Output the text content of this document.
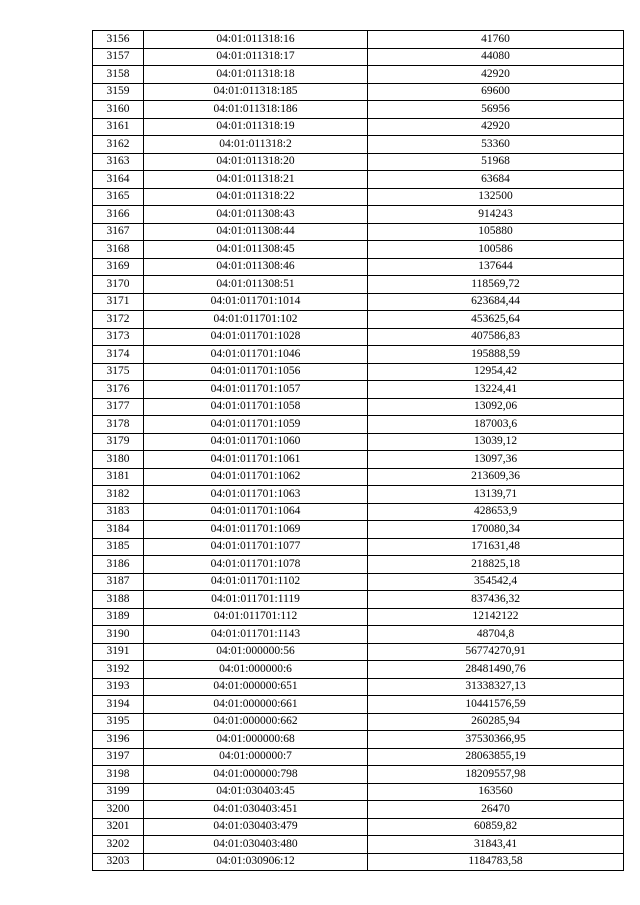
3156	04:01:011318:16	41760
3157	04:01:011318:17	44080
3158	04:01:011318:18	42920
3159	04:01:011318:185	69600
3160	04:01:011318:186	56956
3161	04:01:011318:19	42920
3162	04:01:011318:2	53360
3163	04:01:011318:20	51968
3164	04:01:011318:21	63684
3165	04:01:011318:22	132500
3166	04:01:011308:43	914243
3167	04:01:011308:44	105880
3168	04:01:011308:45	100586
3169	04:01:011308:46	137644
3170	04:01:011308:51	118569,72
3171	04:01:011701:1014	623684,44
3172	04:01:011701:102	453625,64
3173	04:01:011701:1028	407586,83
3174	04:01:011701:1046	195888,59
3175	04:01:011701:1056	12954,42
3176	04:01:011701:1057	13224,41
3177	04:01:011701:1058	13092,06
3178	04:01:011701:1059	187003,6
3179	04:01:011701:1060	13039,12
3180	04:01:011701:1061	13097,36
3181	04:01:011701:1062	213609,36
3182	04:01:011701:1063	13139,71
3183	04:01:011701:1064	428653,9
3184	04:01:011701:1069	170080,34
3185	04:01:011701:1077	171631,48
3186	04:01:011701:1078	218825,18
3187	04:01:011701:1102	354542,4
3188	04:01:011701:1119	837436,32
3189	04:01:011701:112	12142122
3190	04:01:011701:1143	48704,8
3191	04:01:000000:56	56774270,91
3192	04:01:000000:6	28481490,76
3193	04:01:000000:651	31338327,13
3194	04:01:000000:661	10441576,59
3195	04:01:000000:662	260285,94
3196	04:01:000000:68	37530366,95
3197	04:01:000000:7	28063855,19
3198	04:01:000000:798	18209557,98
3199	04:01:030403:45	163560
3200	04:01:030403:451	26470
3201	04:01:030403:479	60859,82
3202	04:01:030403:480	31843,41
3203	04:01:030906:12	1184783,58
